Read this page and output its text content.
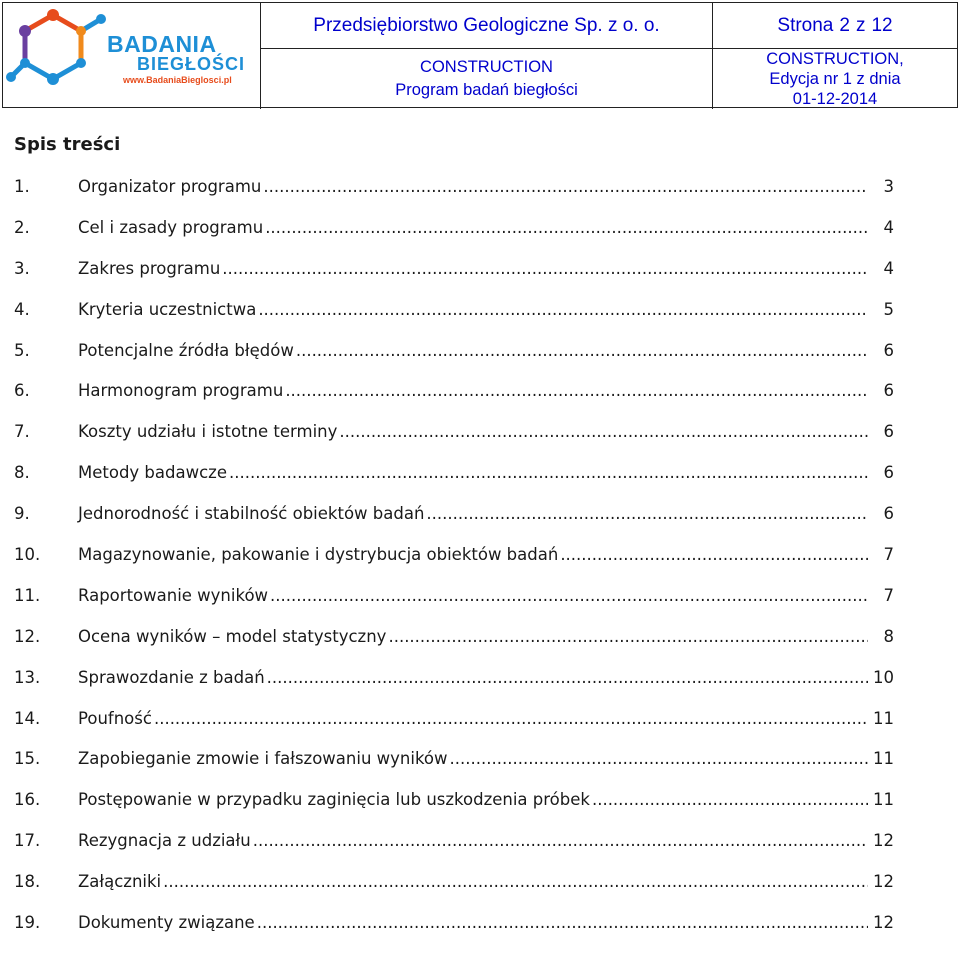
BADANIA
BIEGŁOŚCI
www.BadaniaBieglosci.pl
Przedsiębiorstwo Geologiczne Sp. z o. o.	Strona 2 z 12
CONSTRUCTION
Program badań biegłości
CONSTRUCTION,
Edycja nr 1 z dnia
01-12-2014
Spis treści
1.	Organizator programu .....	3
2.	Cel i zasady programu .....	4
3.	Zakres programu .....	4
4.	Kryteria uczestnictwa .....	5
5.	Potencjalne źródła błędów .....	6
6.	Harmonogram programu .....	6
7.	Koszty udziału i istotne terminy .....	6
8.	Metody badawcze .....	6
9.	Jednorodność i stabilność obiektów badań .....	6
10.	Magazynowanie, pakowanie i dystrybucja obiektów badań .....	7
11.	Raportowanie wyników .....	7
12.	Ocena wyników – model statystyczny .....	8
13.	Sprawozdanie z badań .....	10
14.	Poufność .....	11
15.	Zapobieganie zmowie i fałszowaniu wyników .....	11
16.	Postępowanie w przypadku zaginięcia lub uszkodzenia próbek .....	11
17.	Rezygnacja z udziału .....	12
18.	Załączniki .....	12
19.	Dokumenty związane .....	12
